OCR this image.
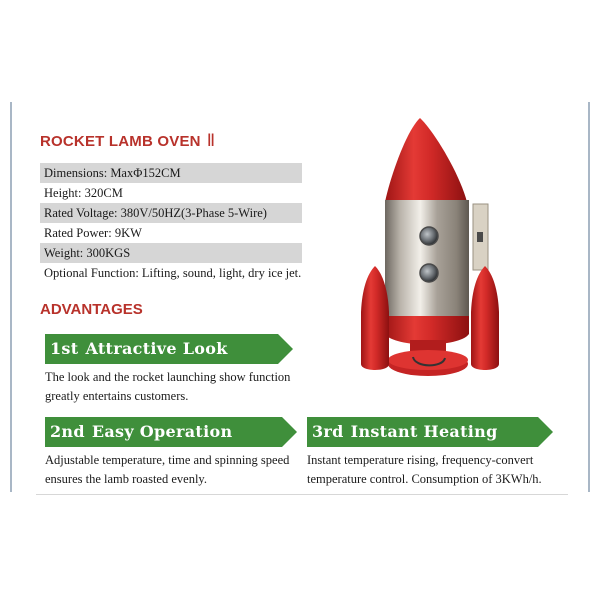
ROCKET LAMB OVEN Ⅱ
Dimensions: MaxΦ152CM
Height: 320CM
Rated Voltage: 380V/50HZ(3-Phase 5-Wire)
Rated Power: 9KW
Weight: 300KGS
Optional Function: Lifting, sound, light, dry ice jet.
ADVANTAGES
1st Attractive Look
The look and the rocket launching show function greatly entertains customers.
2nd Easy Operation
Adjustable temperature, time and spinning speed ensures the lamb roasted evenly.
3rd Instant Heating
Instant temperature rising, frequency-convert temperature control. Consumption of 3KWh/h.
